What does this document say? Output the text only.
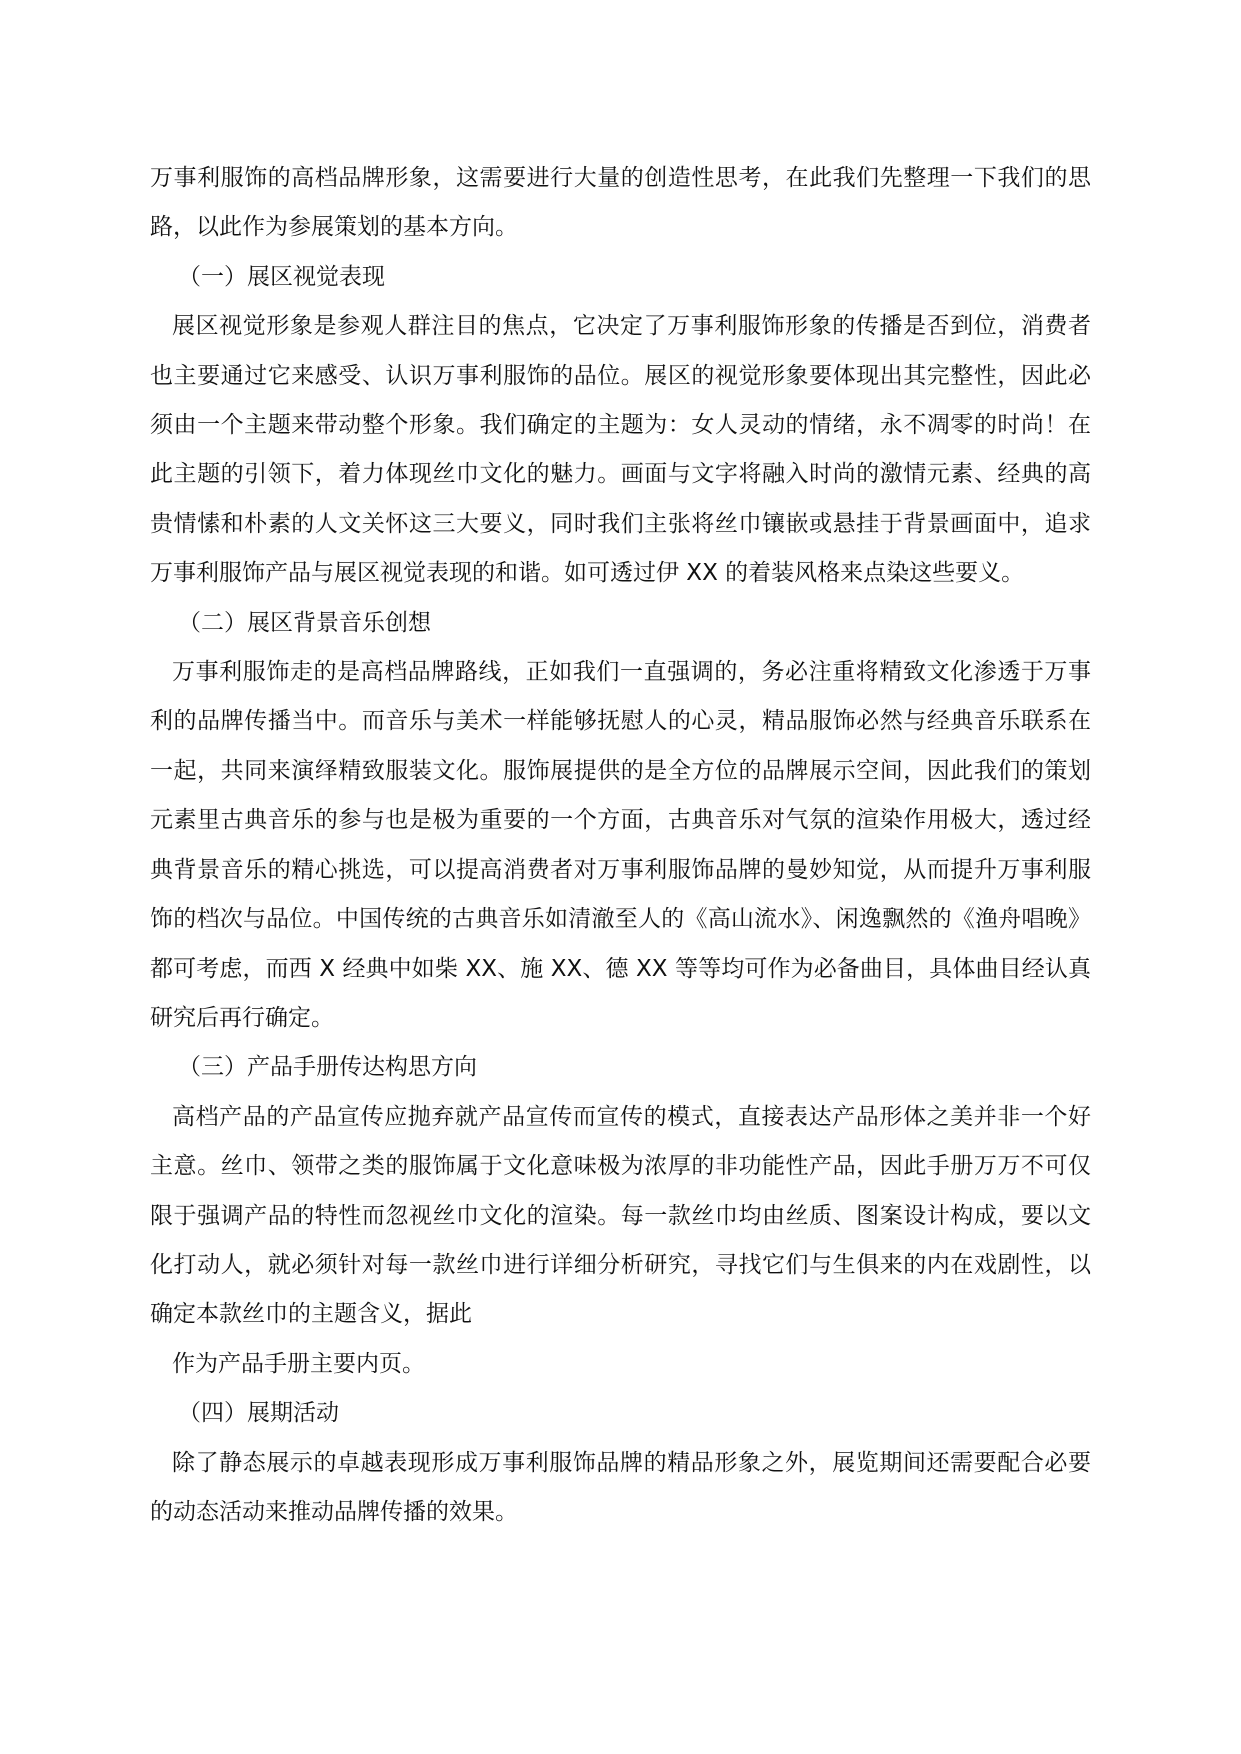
万事利服饰的高档品牌形象，这需要进行大量的创造性思考，在此我们先整理一下我们的思路，以此作为参展策划的基本方向。

（一）展区视觉表现

展区视觉形象是参观人群注目的焦点，它决定了万事利服饰形象的传播是否到位，消费者也主要通过它来感受、认识万事利服饰的品位。展区的视觉形象要体现出其完整性，因此必须由一个主题来带动整个形象。我们确定的主题为：女人灵动的情绪，永不凋零的时尚！在此主题的引领下，着力体现丝巾文化的魅力。画面与文字将融入时尚的激情元素、经典的高贵情愫和朴素的人文关怀这三大要义，同时我们主张将丝巾镶嵌或悬挂于背景画面中，追求万事利服饰产品与展区视觉表现的和谐。如可透过伊 XX 的着装风格来点染这些要义。

（二）展区背景音乐创想

万事利服饰走的是高档品牌路线，正如我们一直强调的，务必注重将精致文化渗透于万事利的品牌传播当中。而音乐与美术一样能够抚慰人的心灵，精品服饰必然与经典音乐联系在一起，共同来演绎精致服装文化。服饰展提供的是全方位的品牌展示空间，因此我们的策划元素里古典音乐的参与也是极为重要的一个方面，古典音乐对气氛的渲染作用极大，透过经典背景音乐的精心挑选，可以提高消费者对万事利服饰品牌的曼妙知觉，从而提升万事利服饰的档次与品位。中国传统的古典音乐如清澈至人的《高山流水》、闲逸飘然的《渔舟唱晚》都可考虑，而西 X 经典中如柴 XX、施 XX、德 XX 等等均可作为必备曲目，具体曲目经认真研究后再行确定。

（三）产品手册传达构思方向

高档产品的产品宣传应抛弃就产品宣传而宣传的模式，直接表达产品形体之美并非一个好主意。丝巾、领带之类的服饰属于文化意味极为浓厚的非功能性产品，因此手册万万不可仅限于强调产品的特性而忽视丝巾文化的渲染。每一款丝巾均由丝质、图案设计构成，要以文化打动人，就必须针对每一款丝巾进行详细分析研究，寻找它们与生俱来的内在戏剧性，以确定本款丝巾的主题含义，据此

作为产品手册主要内页。

（四）展期活动

除了静态展示的卓越表现形成万事利服饰品牌的精品形象之外，展览期间还需要配合必要的动态活动来推动品牌传播的效果。
